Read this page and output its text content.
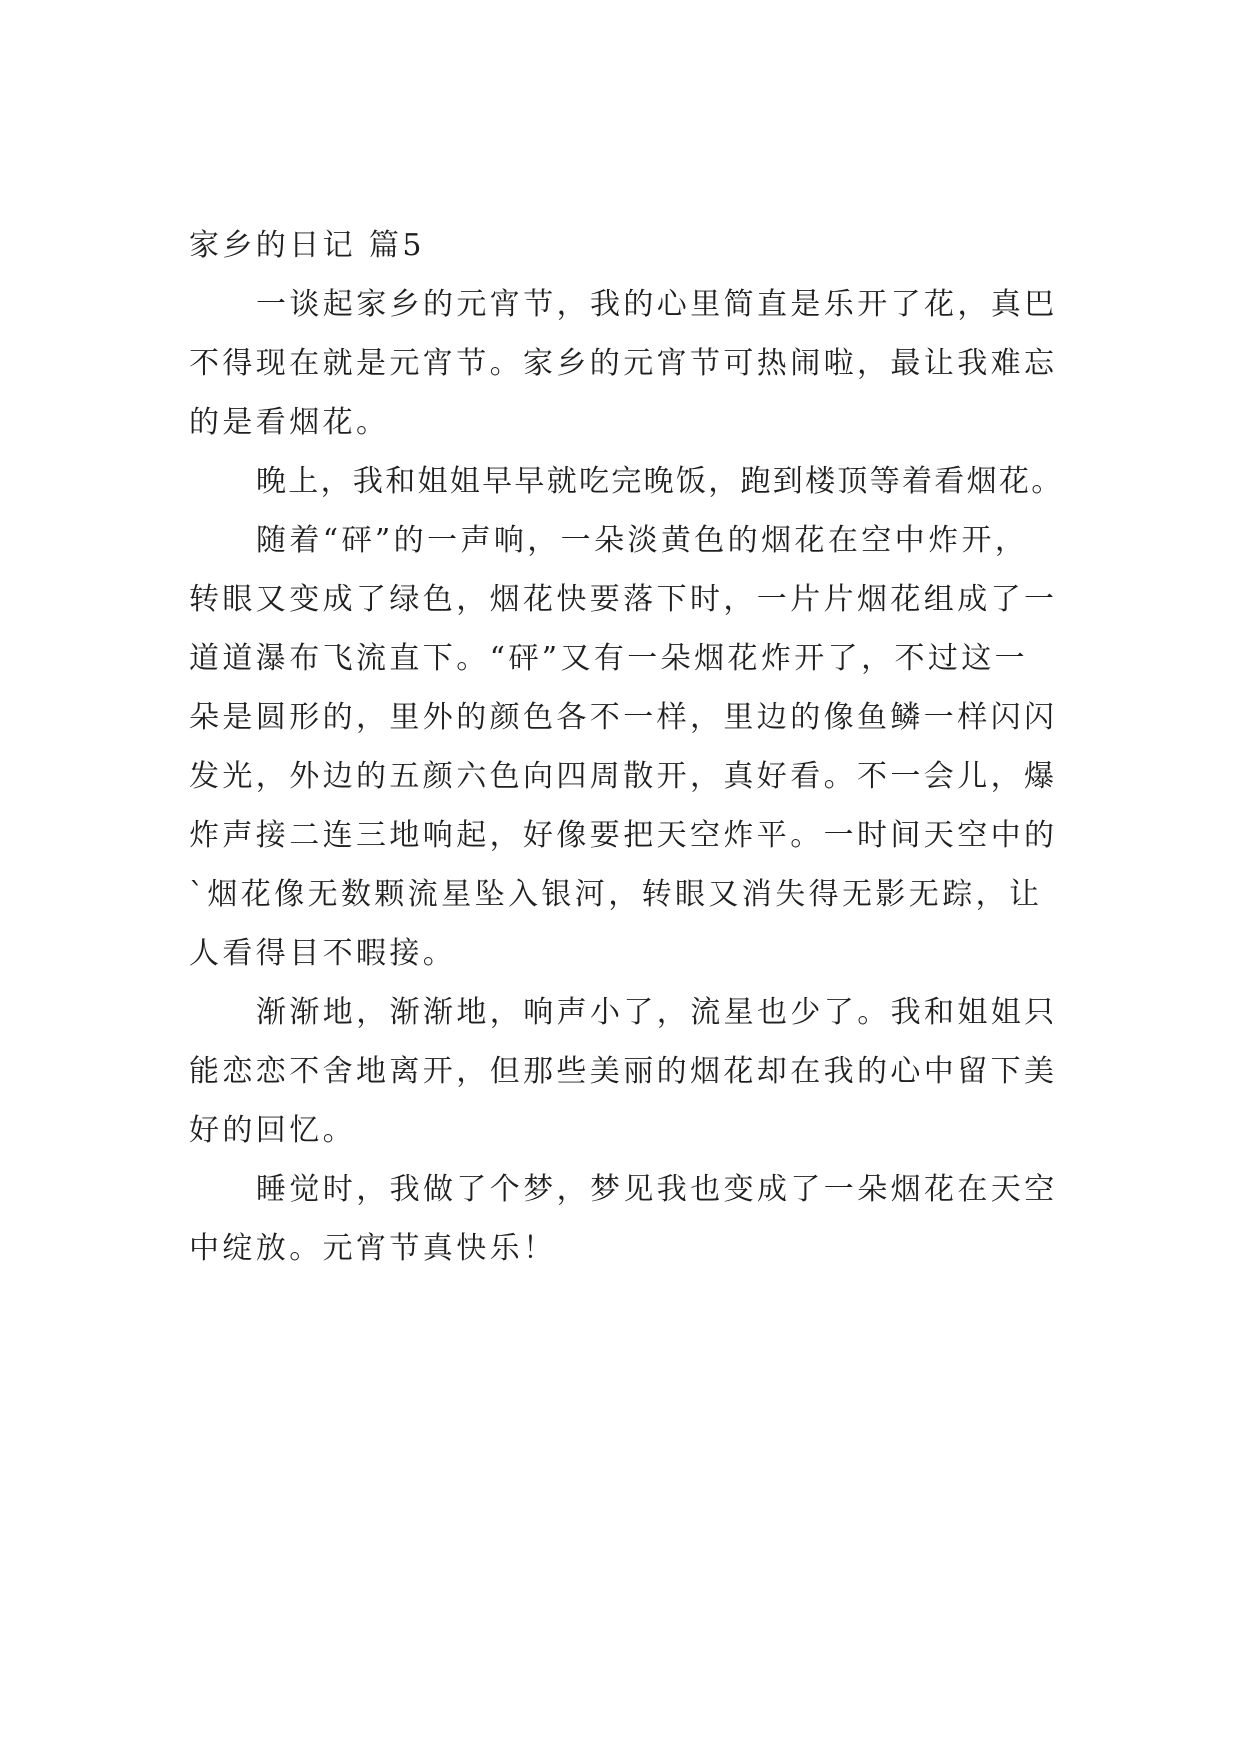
家乡的日记 篇5
一谈起家乡的元宵节，我的心里简直是乐开了花，真巴
不得现在就是元宵节。家乡的元宵节可热闹啦，最让我难忘
的是看烟花。
晚上，我和姐姐早早就吃完晚饭，跑到楼顶等着看烟花。
随着“砰”的一声响，一朵淡黄色的烟花在空中炸开，
转眼又变成了绿色，烟花快要落下时，一片片烟花组成了一
道道瀑布飞流直下。“砰”又有一朵烟花炸开了，不过这一
朵是圆形的，里外的颜色各不一样，里边的像鱼鳞一样闪闪
发光，外边的五颜六色向四周散开，真好看。不一会儿，爆
炸声接二连三地响起，好像要把天空炸平。一时间天空中的
`烟花像无数颗流星坠入银河，转眼又消失得无影无踪，让
人看得目不暇接。
渐渐地，渐渐地，响声小了，流星也少了。我和姐姐只
能恋恋不舍地离开，但那些美丽的烟花却在我的心中留下美
好的回忆。
睡觉时，我做了个梦，梦见我也变成了一朵烟花在天空
中绽放。元宵节真快乐！
